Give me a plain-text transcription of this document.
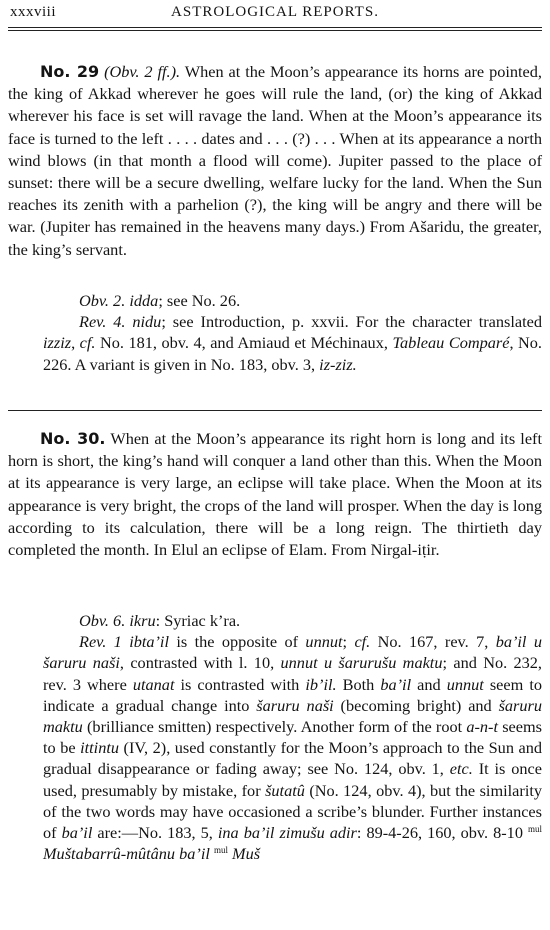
xxxviii	ASTROLOGICAL REPORTS.

No. 29 (Obv. 2 ff.). When at the Moon’s appearance its horns are pointed, the king of Akkad wherever he goes will rule the land, (or) the king of Akkad wherever his face is set will ravage the land. When at the Moon’s appearance its face is turned to the left . . . . dates and . . . (?) . . . When at its appearance a north wind blows (in that month a flood will come). Jupiter passed to the place of sunset: there will be a secure dwelling, welfare lucky for the land. When the Sun reaches its zenith with a parhelion (?), the king will be angry and there will be war. (Jupiter has remained in the heavens many days.) From Ašaridu, the greater, the king’s servant.

Obv. 2. idda; see No. 26.

Rev. 4. nidu; see Introduction, p. xxvii. For the character translated izziz, cf. No. 181, obv. 4, and Amiaud et Méchinaux, Tableau Comparé, No. 226. A variant is given in No. 183, obv. 3, iz-ziz.

No. 30. When at the Moon’s appearance its right horn is long and its left horn is short, the king’s hand will conquer a land other than this. When the Moon at its appearance is very large, an eclipse will take place. When the Moon at its appearance is very bright, the crops of the land will prosper. When the day is long according to its calculation, there will be a long reign. The thirtieth day completed the month. In Elul an eclipse of Elam. From Nirgal-iṭir.

Obv. 6. ikru: Syriac k’ra.

Rev. 1 ibta’il is the opposite of unnut; cf. No. 167, rev. 7, ba’il u šaruru naši, contrasted with l. 10, unnut u šarurušu maktu; and No. 232, rev. 3 where utanat is contrasted with ib’il. Both ba’il and unnut seem to indicate a gradual change into šaruru naši (becoming bright) and šaruru maktu (brilliance smitten) respectively. Another form of the root a-n-t seems to be ittintu (IV, 2), used constantly for the Moon’s approach to the Sun and gradual disappearance or fading away; see No. 124, obv. 1, etc. It is once used, presumably by mistake, for šutatû (No. 124, obv. 4), but the similarity of the two words may have occasioned a scribe’s blunder. Further instances of ba’il are:—No. 183, 5, ina ba’il zimušu adir: 89-4-26, 160, obv. 8-10 $^{mul}$ Muštabarrû-mûtânu ba’il $^{mul}$ Muš
